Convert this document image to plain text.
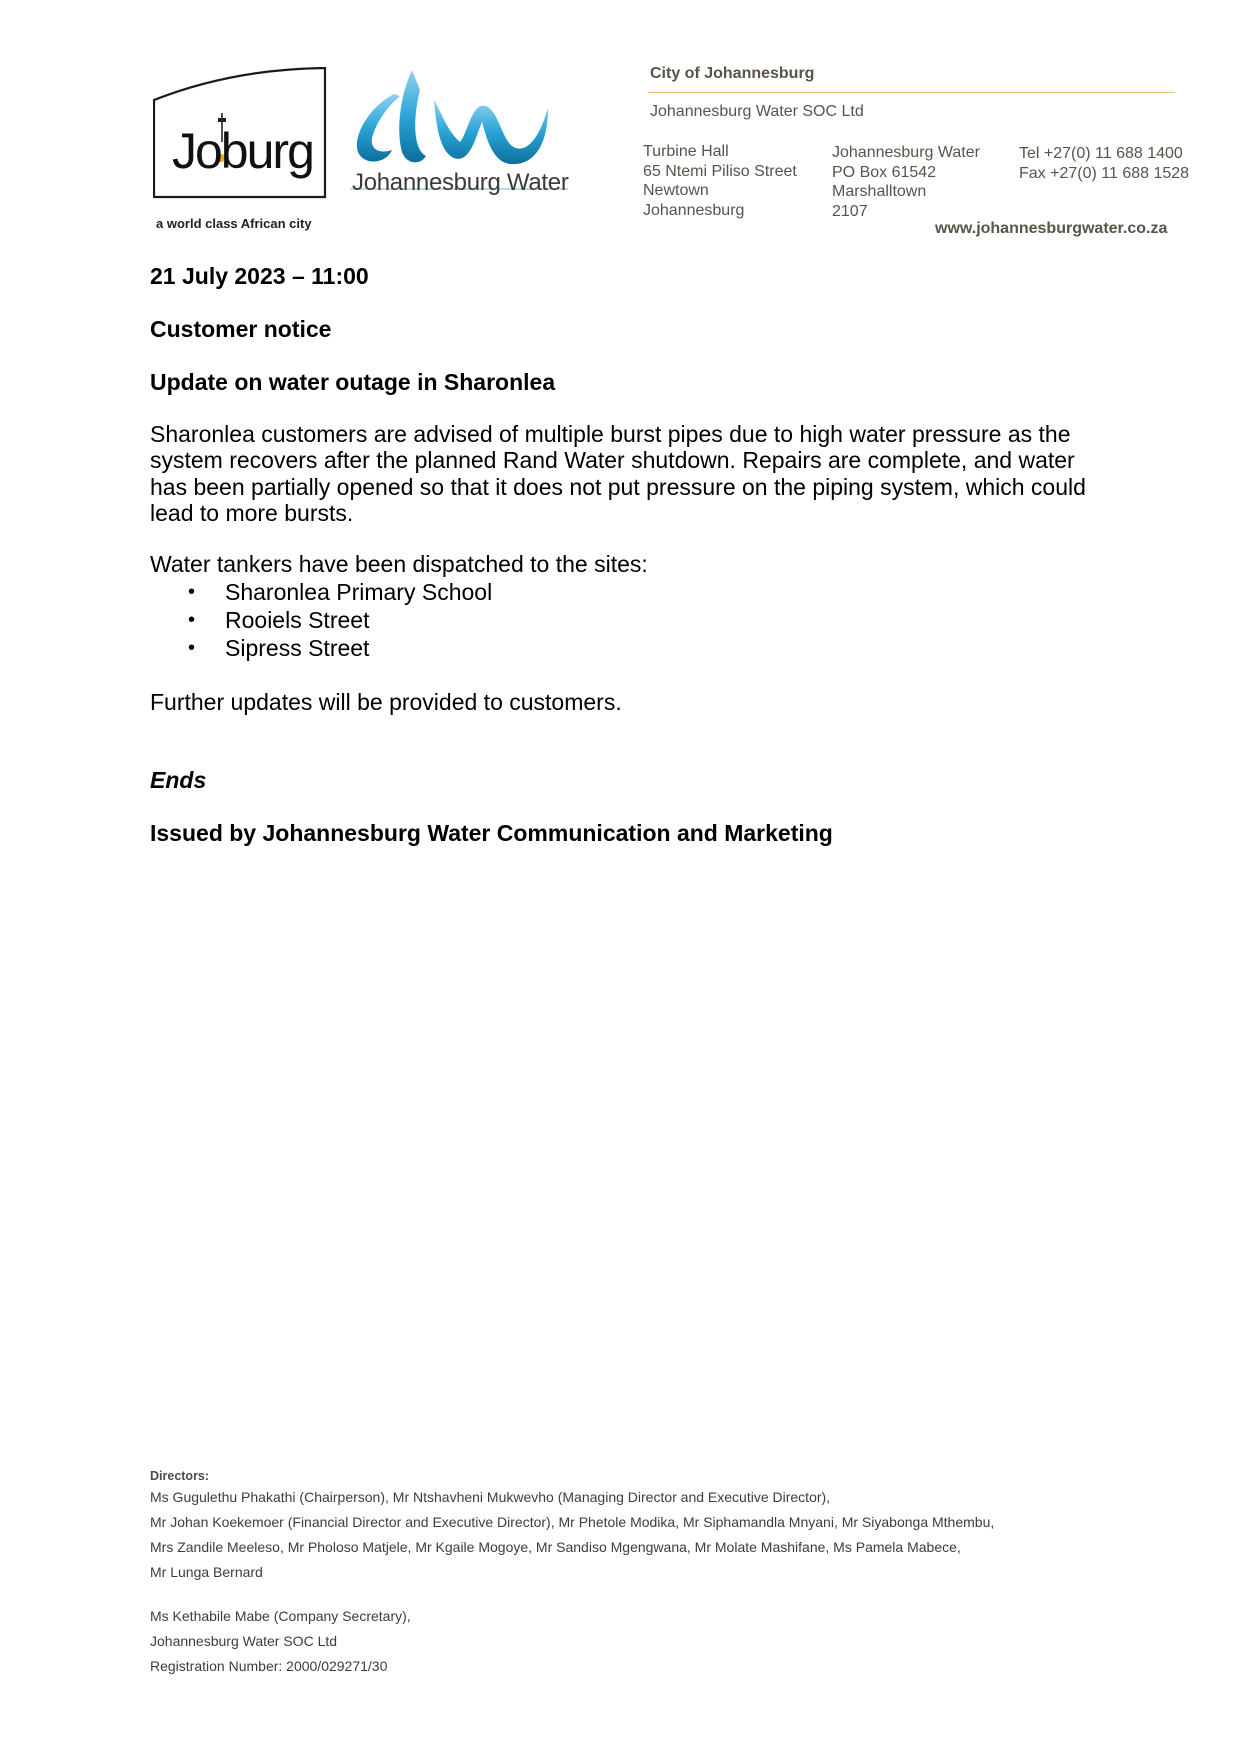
Joburg
a world class African city
Johannesburg Water
City of Johannesburg
Johannesburg Water SOC Ltd
Turbine Hall
65 Ntemi Piliso Street
Newtown
Johannesburg
Johannesburg Water
PO Box 61542
Marshalltown
2107
Tel +27(0) 11 688 1400
Fax +27(0) 11 688 1528
www.johannesburgwater.co.za
21 July 2023 – 11:00
Customer notice
Update on water outage in Sharonlea
Sharonlea customers are advised of multiple burst pipes due to high water pressure as the system recovers after the planned Rand Water shutdown. Repairs are complete, and water has been partially opened so that it does not put pressure on the piping system, which could lead to more bursts.
Water tankers have been dispatched to the sites:
• Sharonlea Primary School
• Rooiels Street
• Sipress Street
Further updates will be provided to customers.
Ends
Issued by Johannesburg Water Communication and Marketing
Directors:
Ms Gugulethu Phakathi (Chairperson), Mr Ntshavheni Mukwevho (Managing Director and Executive Director),
Mr Johan Koekemoer (Financial Director and Executive Director), Mr Phetole Modika, Mr Siphamandla Mnyani, Mr Siyabonga Mthembu,
Mrs Zandile Meeleso, Mr Pholoso Matjele, Mr Kgaile Mogoye, Mr Sandiso Mgengwana, Mr Molate Mashifane, Ms Pamela Mabece,
Mr Lunga Bernard
Ms Kethabile Mabe (Company Secretary),
Johannesburg Water SOC Ltd
Registration Number: 2000/029271/30
